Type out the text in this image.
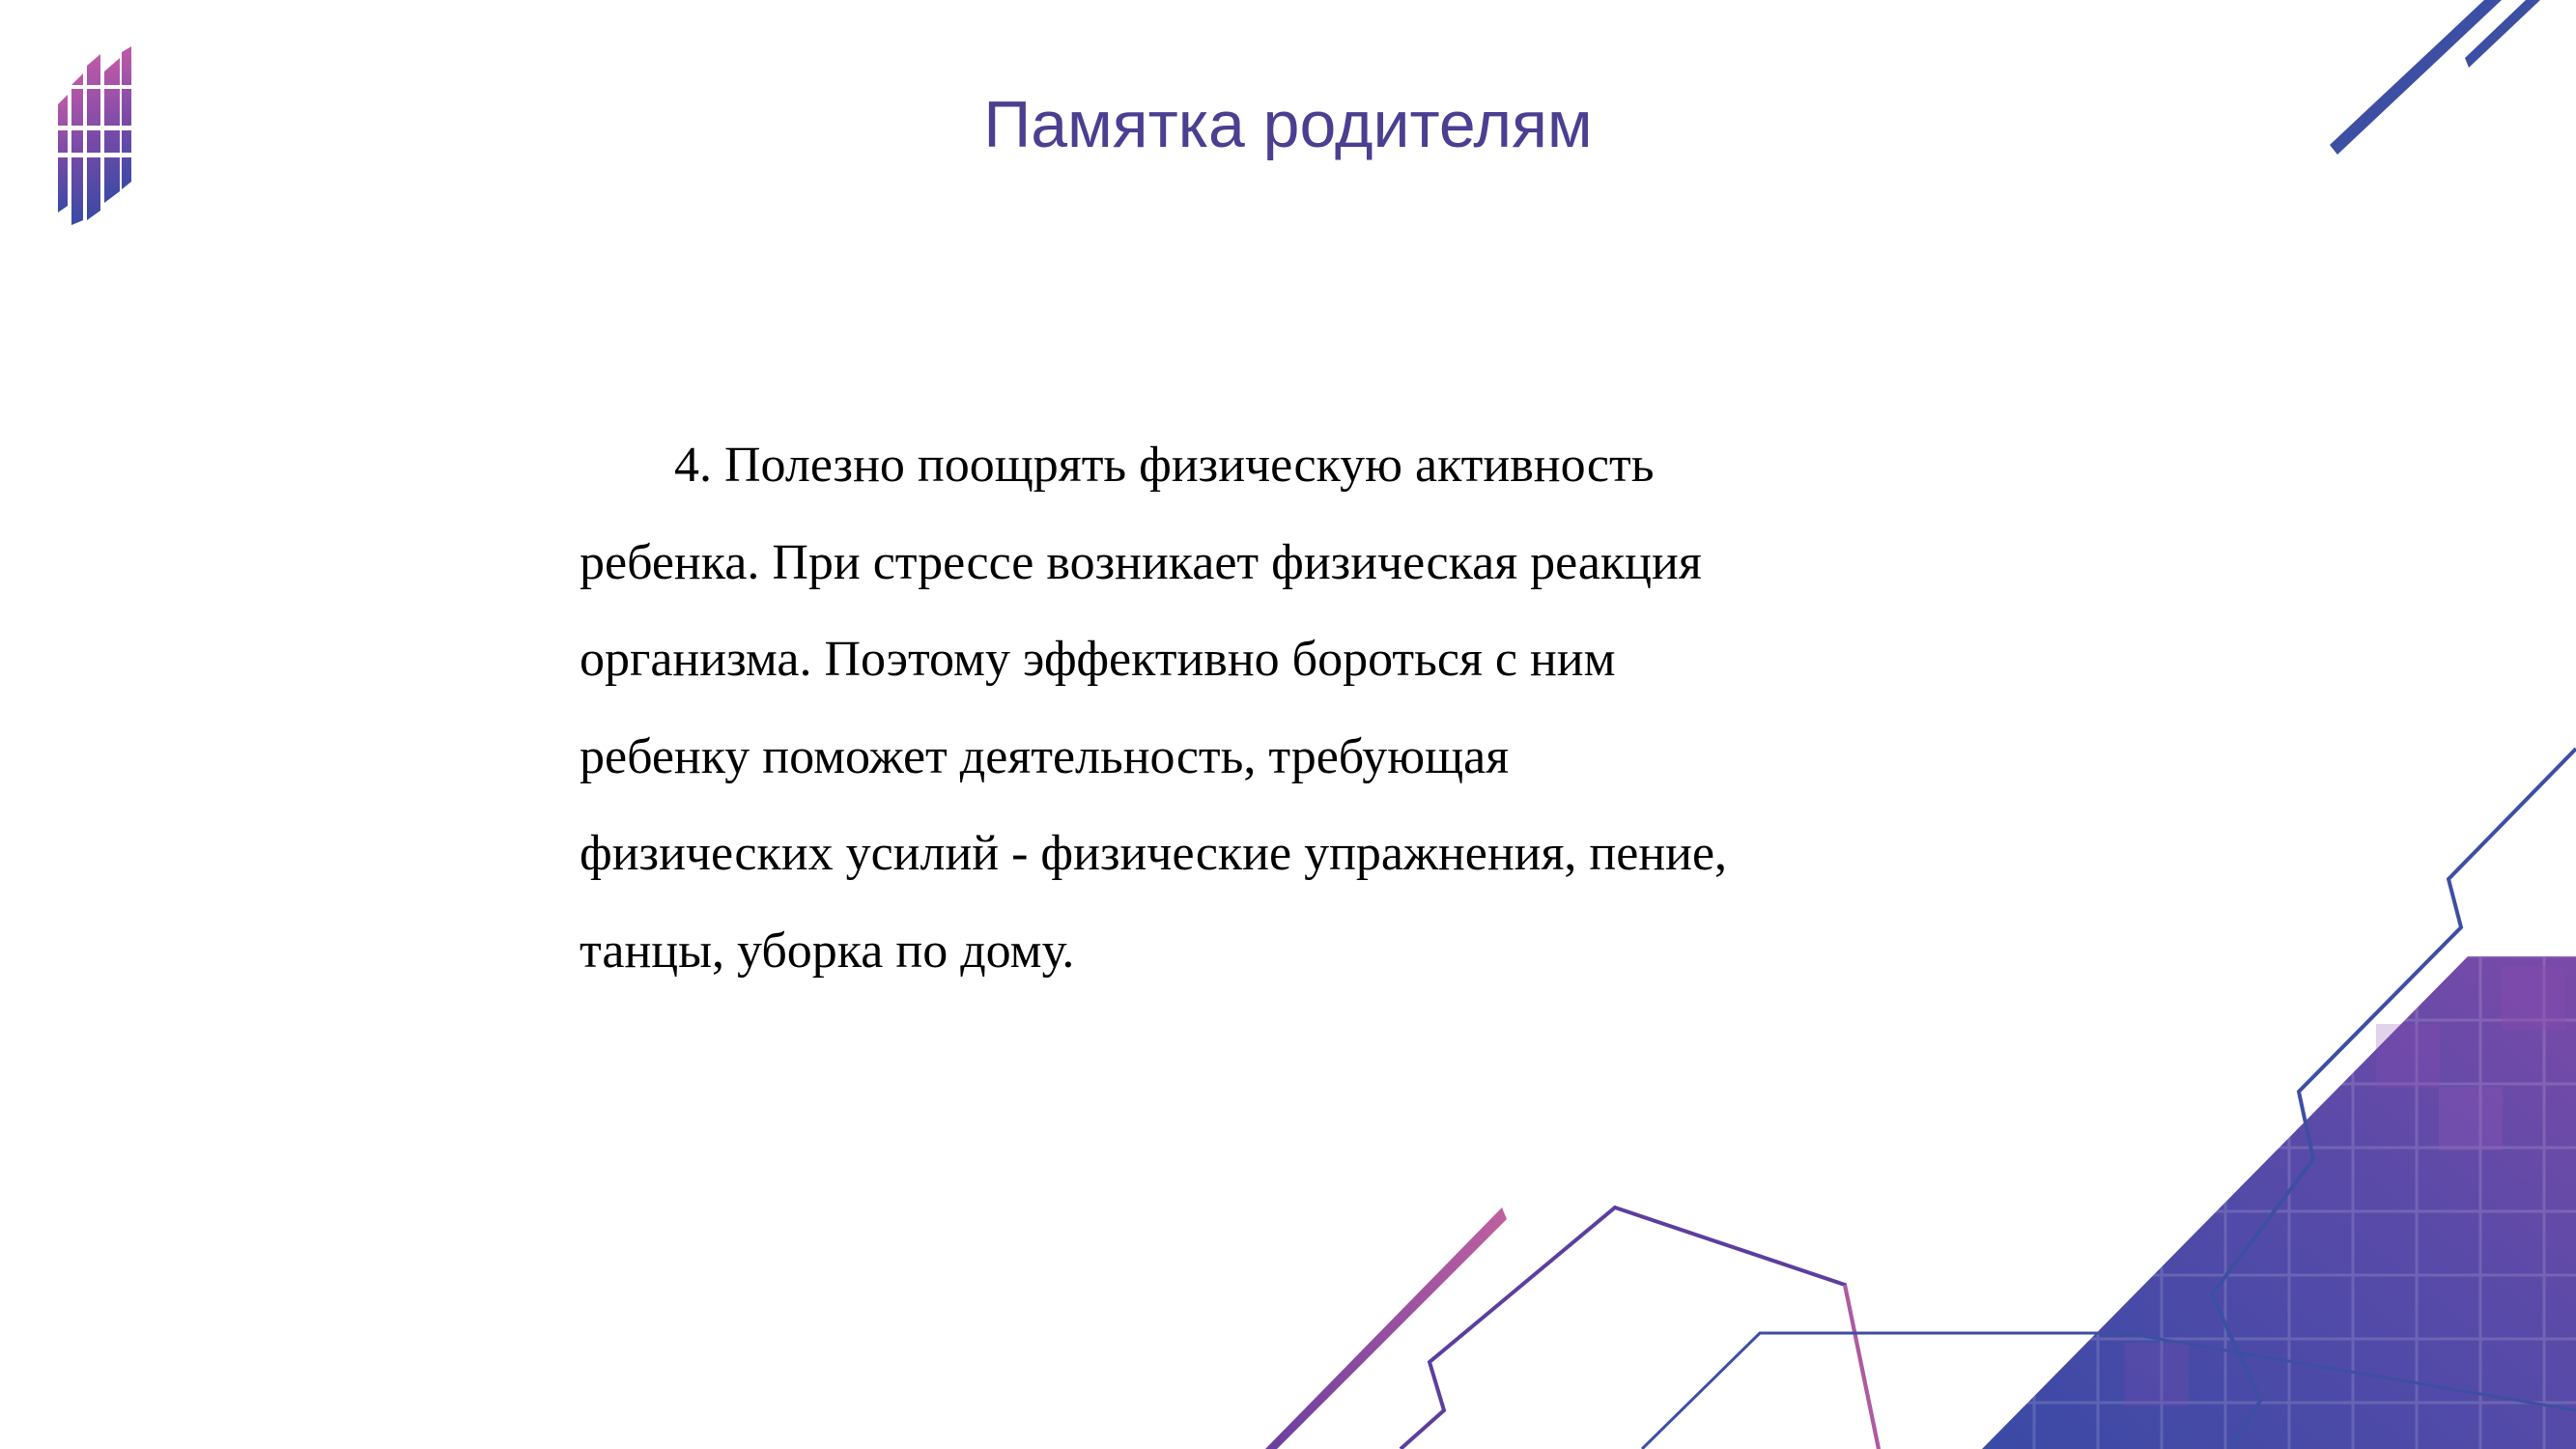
Памятка родителям
4. Полезно поощрять физическую активность
ребенка. При стрессе возникает физическая реакция
организма. Поэтому эффективно бороться с ним
ребенку поможет деятельность, требующая
физических усилий - физические упражнения, пение,
танцы, уборка по дому.
